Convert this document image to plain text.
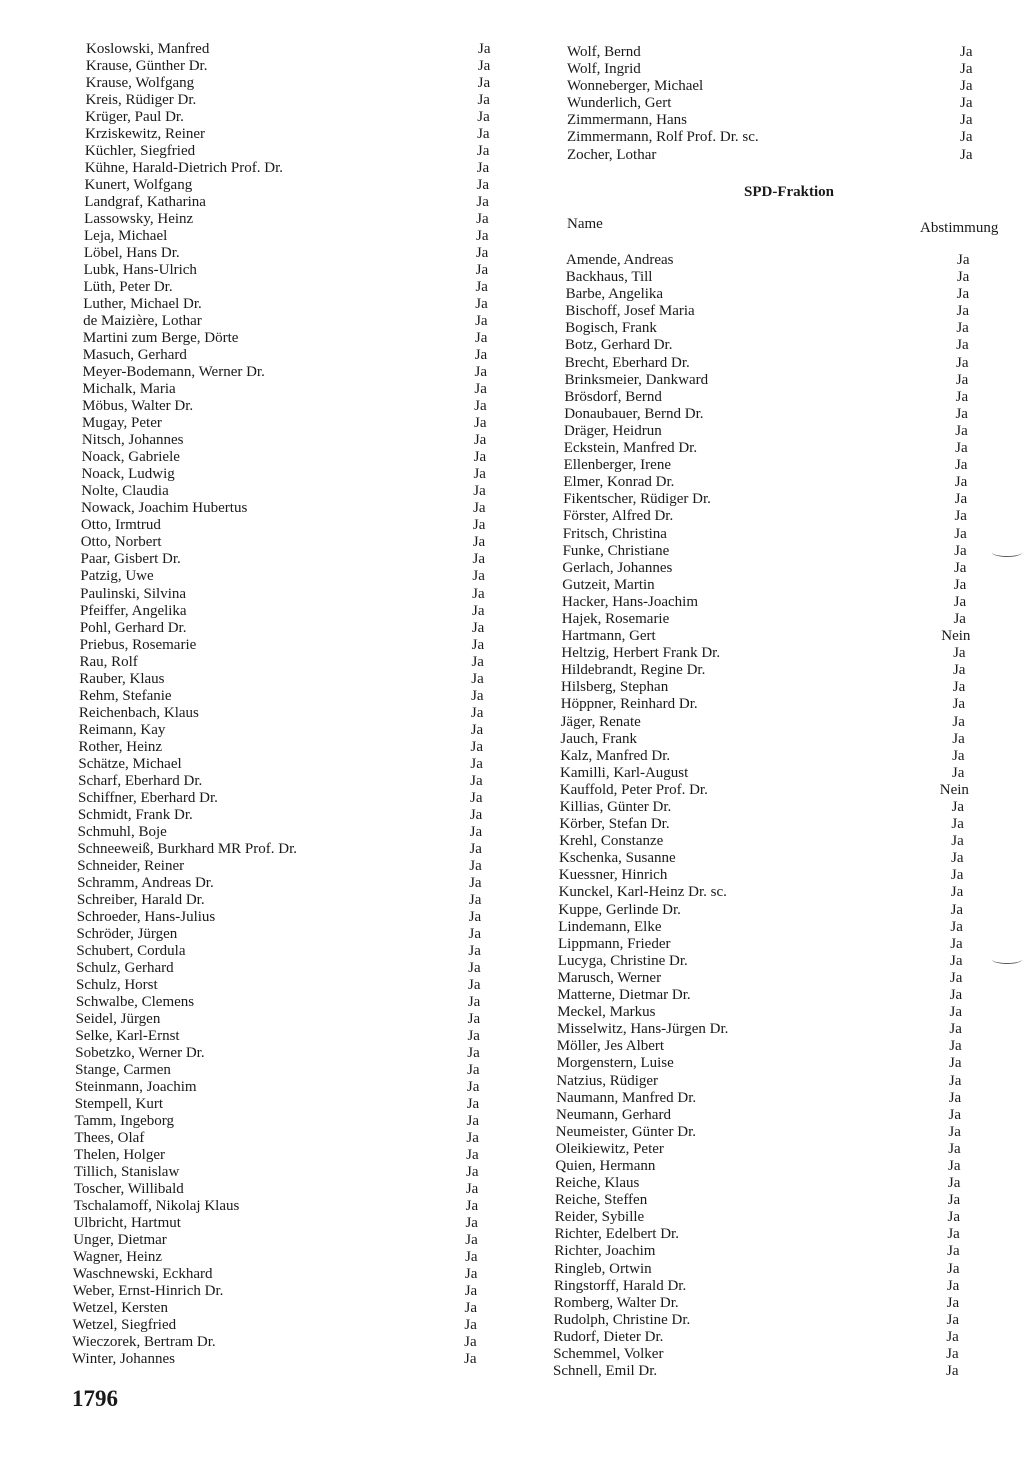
Koslowski, Manfred	Ja
Krause, Günther Dr.	Ja
Krause, Wolfgang	Ja
Kreis, Rüdiger Dr.	Ja
Krüger, Paul Dr.	Ja
Krziskewitz, Reiner	Ja
Küchler, Siegfried	Ja
Kühne, Harald-Dietrich Prof. Dr.	Ja
Kunert, Wolfgang	Ja
Landgraf, Katharina	Ja
Lassowsky, Heinz	Ja
Leja, Michael	Ja
Löbel, Hans Dr.	Ja
Lubk, Hans-Ulrich	Ja
Lüth, Peter Dr.	Ja
Luther, Michael Dr.	Ja
de Maizière, Lothar	Ja
Martini zum Berge, Dörte	Ja
Masuch, Gerhard	Ja
Meyer-Bodemann, Werner Dr.	Ja
Michalk, Maria	Ja
Möbus, Walter Dr.	Ja
Mugay, Peter	Ja
Nitsch, Johannes	Ja
Noack, Gabriele	Ja
Noack, Ludwig	Ja
Nolte, Claudia	Ja
Nowack, Joachim Hubertus	Ja
Otto, Irmtrud	Ja
Otto, Norbert	Ja
Paar, Gisbert Dr.	Ja
Patzig, Uwe	Ja
Paulinski, Silvina	Ja
Pfeiffer, Angelika	Ja
Pohl, Gerhard Dr.	Ja
Priebus, Rosemarie	Ja
Rau, Rolf	Ja
Rauber, Klaus	Ja
Rehm, Stefanie	Ja
Reichenbach, Klaus	Ja
Reimann, Kay	Ja
Rother, Heinz	Ja
Schätze, Michael	Ja
Scharf, Eberhard Dr.	Ja
Schiffner, Eberhard Dr.	Ja
Schmidt, Frank Dr.	Ja
Schmuhl, Boje	Ja
Schneeweiß, Burkhard MR Prof. Dr.	Ja
Schneider, Reiner	Ja
Schramm, Andreas Dr.	Ja
Schreiber, Harald Dr.	Ja
Schroeder, Hans-Julius	Ja
Schröder, Jürgen	Ja
Schubert, Cordula	Ja
Schulz, Gerhard	Ja
Schulz, Horst	Ja
Schwalbe, Clemens	Ja
Seidel, Jürgen	Ja
Selke, Karl-Ernst	Ja
Sobetzko, Werner Dr.	Ja
Stange, Carmen	Ja
Steinmann, Joachim	Ja
Stempell, Kurt	Ja
Tamm, Ingeborg	Ja
Thees, Olaf	Ja
Thelen, Holger	Ja
Tillich, Stanislaw	Ja
Toscher, Willibald	Ja
Tschalamoff, Nikolaj Klaus	Ja
Ulbricht, Hartmut	Ja
Unger, Dietmar	Ja
Wagner, Heinz	Ja
Waschnewski, Eckhard	Ja
Weber, Ernst-Hinrich Dr.	Ja
Wetzel, Kersten	Ja
Wetzel, Siegfried	Ja
Wieczorek, Bertram Dr.	Ja
Winter, Johannes	Ja
Wolf, Bernd	Ja
Wolf, Ingrid	Ja
Wonneberger, Michael	Ja
Wunderlich, Gert	Ja
Zimmermann, Hans	Ja
Zimmermann, Rolf Prof. Dr. sc.	Ja
Zocher, Lothar	Ja
SPD-Fraktion
Name	Abstimmung
Amende, Andreas	Ja
Backhaus, Till	Ja
Barbe, Angelika	Ja
Bischoff, Josef Maria	Ja
Bogisch, Frank	Ja
Botz, Gerhard Dr.	Ja
Brecht, Eberhard Dr.	Ja
Brinksmeier, Dankward	Ja
Brösdorf, Bernd	Ja
Donaubauer, Bernd Dr.	Ja
Dräger, Heidrun	Ja
Eckstein, Manfred Dr.	Ja
Ellenberger, Irene	Ja
Elmer, Konrad Dr.	Ja
Fikentscher, Rüdiger Dr.	Ja
Förster, Alfred Dr.	Ja
Fritsch, Christina	Ja
Funke, Christiane	Ja
Gerlach, Johannes	Ja
Gutzeit, Martin	Ja
Hacker, Hans-Joachim	Ja
Hajek, Rosemarie	Ja
Hartmann, Gert	Nein
Heltzig, Herbert Frank Dr.	Ja
Hildebrandt, Regine Dr.	Ja
Hilsberg, Stephan	Ja
Höppner, Reinhard Dr.	Ja
Jäger, Renate	Ja
Jauch, Frank	Ja
Kalz, Manfred Dr.	Ja
Kamilli, Karl-August	Ja
Kauffold, Peter Prof. Dr.	Nein
Killias, Günter Dr.	Ja
Körber, Stefan Dr.	Ja
Krehl, Constanze	Ja
Kschenka, Susanne	Ja
Kuessner, Hinrich	Ja
Kunckel, Karl-Heinz Dr. sc.	Ja
Kuppe, Gerlinde Dr.	Ja
Lindemann, Elke	Ja
Lippmann, Frieder	Ja
Lucyga, Christine Dr.	Ja
Marusch, Werner	Ja
Matterne, Dietmar Dr.	Ja
Meckel, Markus	Ja
Misselwitz, Hans-Jürgen Dr.	Ja
Möller, Jes Albert	Ja
Morgenstern, Luise	Ja
Natzius, Rüdiger	Ja
Naumann, Manfred Dr.	Ja
Neumann, Gerhard	Ja
Neumeister, Günter Dr.	Ja
Oleikiewitz, Peter	Ja
Quien, Hermann	Ja
Reiche, Klaus	Ja
Reiche, Steffen	Ja
Reider, Sybille	Ja
Richter, Edelbert Dr.	Ja
Richter, Joachim	Ja
Ringleb, Ortwin	Ja
Ringstorff, Harald Dr.	Ja
Romberg, Walter Dr.	Ja
Rudolph, Christine Dr.	Ja
Rudorf, Dieter Dr.	Ja
Schemmel, Volker	Ja
Schnell, Emil Dr.	Ja
1796
